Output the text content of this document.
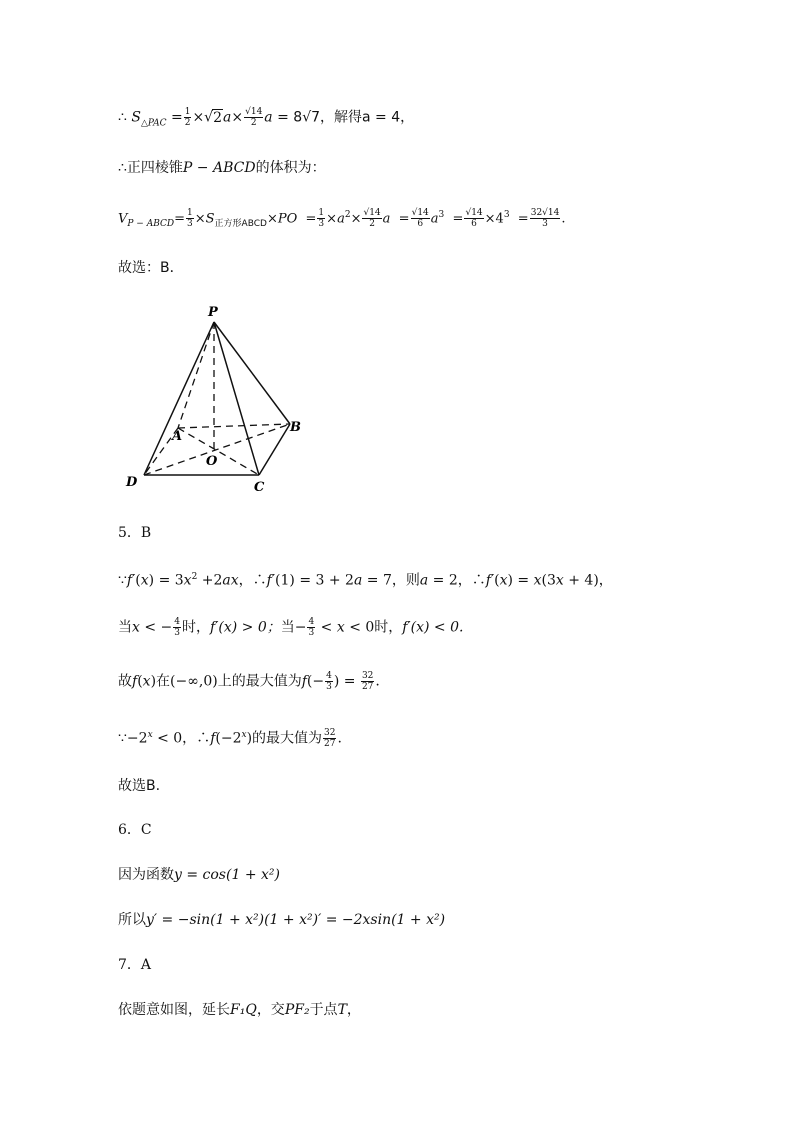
∴ $S_{\triangle PAC} = \frac{1}{2} \times√2a\times \frac{√14}{2}$ a = 8√7，解得a = 4，
∴正四棱锥P − ABCD的体积为：
$V_{P - ABCD}= \frac{1}{3} \times S_{正方形ABCD}\times PO = \frac{1}{3} \times a^2\times \frac{√14}{2}$ $a = \frac{√14}{6} a^3 = \frac{√14}{6} \times 4^3 = \frac{32√14}{3}$ .
故选：B．
P
A
B
O
D	C
5．B
∵f′(x) = $3x^2 +2ax$，∴f′(1) = 3 + 2a = 7，则a = 2，∴f′(x) = x(3x + 4)，
当x < − $\frac{4}{3}$ 时，f′(x) > 0；当− $\frac{4}{3} < x < 0$时，f′(x) < 0.
故f(x)在(−∞,0)上的最大值为$f(- \frac{4}{3}$ ) = $\frac{32}{27}$ .
$\because-2^x < 0$，$\therefore f(-2^x)$的最大值为 $\frac{32}{27}$ .
故选B.
6．C
因为函数y = cos(1 + x²)
所以y′ = −sin(1 + x²)(1 + x²)′ = −2xsin(1 + x²)
7．A
依题意如图，延长F₁Q，交PF₂于点T，
